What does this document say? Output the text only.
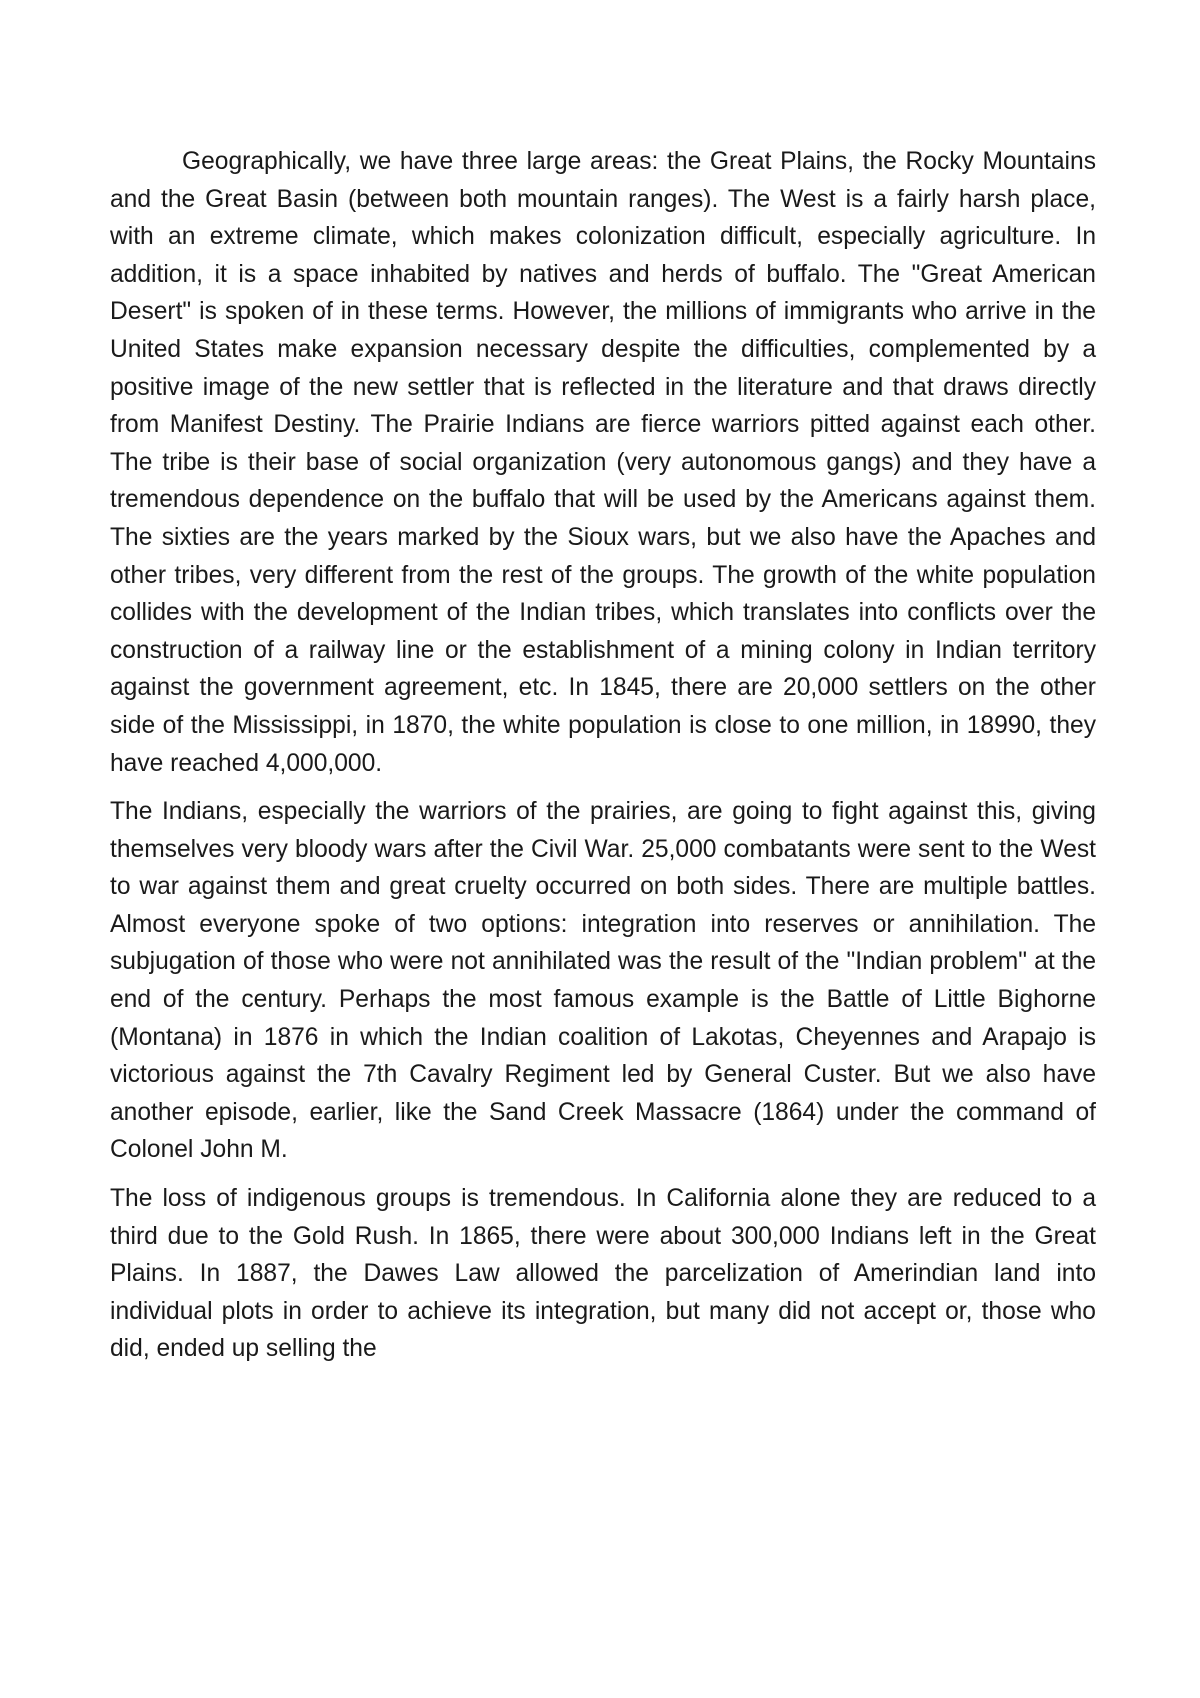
Geographically, we have three large areas: the Great Plains, the Rocky Mountains and the Great Basin (between both mountain ranges). The West is a fairly harsh place, with an extreme climate, which makes colonization difficult, especially agriculture. In addition, it is a space inhabited by natives and herds of buffalo. The "Great American Desert" is spoken of in these terms. However, the millions of immigrants who arrive in the United States make expansion necessary despite the difficulties, complemented by a positive image of the new settler that is reflected in the literature and that draws directly from Manifest Destiny. The Prairie Indians are fierce warriors pitted against each other. The tribe is their base of social organization (very autonomous gangs) and they have a tremendous dependence on the buffalo that will be used by the Americans against them. The sixties are the years marked by the Sioux wars, but we also have the Apaches and other tribes, very different from the rest of the groups. The growth of the white population collides with the development of the Indian tribes, which translates into conflicts over the construction of a railway line or the establishment of a mining colony in Indian territory against the government agreement, etc. In 1845, there are 20,000 settlers on the other side of the Mississippi, in 1870, the white population is close to one million, in 18990, they have reached 4,000,000.

The Indians, especially the warriors of the prairies, are going to fight against this, giving themselves very bloody wars after the Civil War. 25,000 combatants were sent to the West to war against them and great cruelty occurred on both sides. There are multiple battles. Almost everyone spoke of two options: integration into reserves or annihilation. The subjugation of those who were not annihilated was the result of the "Indian problem" at the end of the century. Perhaps the most famous example is the Battle of Little Bighorne (Montana) in 1876 in which the Indian coalition of Lakotas, Cheyennes and Arapajo is victorious against the 7th Cavalry Regiment led by General Custer. But we also have another episode, earlier, like the Sand Creek Massacre (1864) under the command of Colonel John M.

The loss of indigenous groups is tremendous. In California alone they are reduced to a third due to the Gold Rush. In 1865, there were about 300,000 Indians left in the Great Plains. In 1887, the Dawes Law allowed the parcelization of Amerindian land into individual plots in order to achieve its integration, but many did not accept or, those who did, ended up selling the
